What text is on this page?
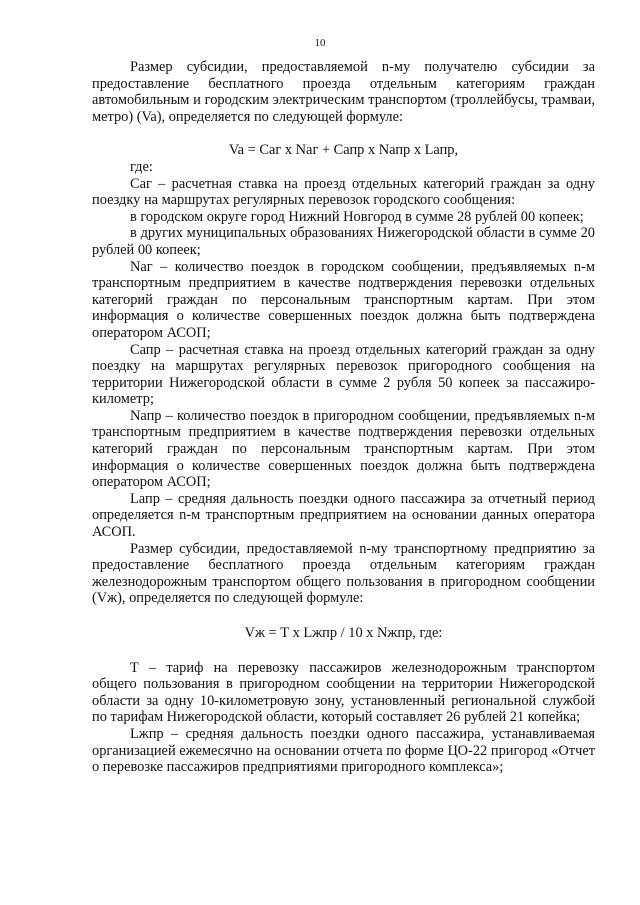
10

Размер субсидии, предоставляемой n-му получателю субсидии за предоставление бесплатного проезда отдельным категориям граждан автомобильным и городским электрическим транспортом (троллейбусы, трамваи, метро) (Va), определяется по следующей формуле:

Va = Саг x Nаг + Сапр x Nапр x Lапр,

где:

Саг – расчетная ставка на проезд отдельных категорий граждан за одну поездку на маршрутах регулярных перевозок городского сообщения:

в городском округе город Нижний Новгород в сумме 28 рублей 00 копеек;

в других муниципальных образованиях Нижегородской области в сумме 20 рублей 00 копеек;

Nаг – количество поездок в городском сообщении, предъявляемых n-м транспортным предприятием в качестве подтверждения перевозки отдельных категорий граждан по персональным транспортным картам. При этом информация о количестве совершенных поездок должна быть подтверждена оператором АСОП;

Сапр – расчетная ставка на проезд отдельных категорий граждан за одну поездку на маршрутах регулярных перевозок пригородного сообщения на территории Нижегородской области в сумме 2 рубля 50 копеек за пассажиро-километр;

Nапр – количество поездок в пригородном сообщении, предъявляемых n-м транспортным предприятием в качестве подтверждения перевозки отдельных категорий граждан по персональным транспортным картам. При этом информация о количестве совершенных поездок должна быть подтверждена оператором АСОП;

Lапр – средняя дальность поездки одного пассажира за отчетный период определяется n-м транспортным предприятием на основании данных оператора АСОП.

Размер субсидии, предоставляемой n-му транспортному предприятию за предоставление бесплатного проезда отдельным категориям граждан железнодорожным транспортом общего пользования в пригородном сообщении (Vж), определяется по следующей формуле:

Vж = Т x Lжпр / 10 x Nжпр, где:

Т – тариф на перевозку пассажиров железнодорожным транспортом общего пользования в пригородном сообщении на территории Нижегородской области за одну 10-километровую зону, установленный региональной службой по тарифам Нижегородской области, который составляет 26 рублей 21 копейка;

Lжпр – средняя дальность поездки одного пассажира, устанавливаемая организацией ежемесячно на основании отчета по форме ЦО-22 пригород «Отчет о перевозке пассажиров предприятиями пригородного комплекса»;
